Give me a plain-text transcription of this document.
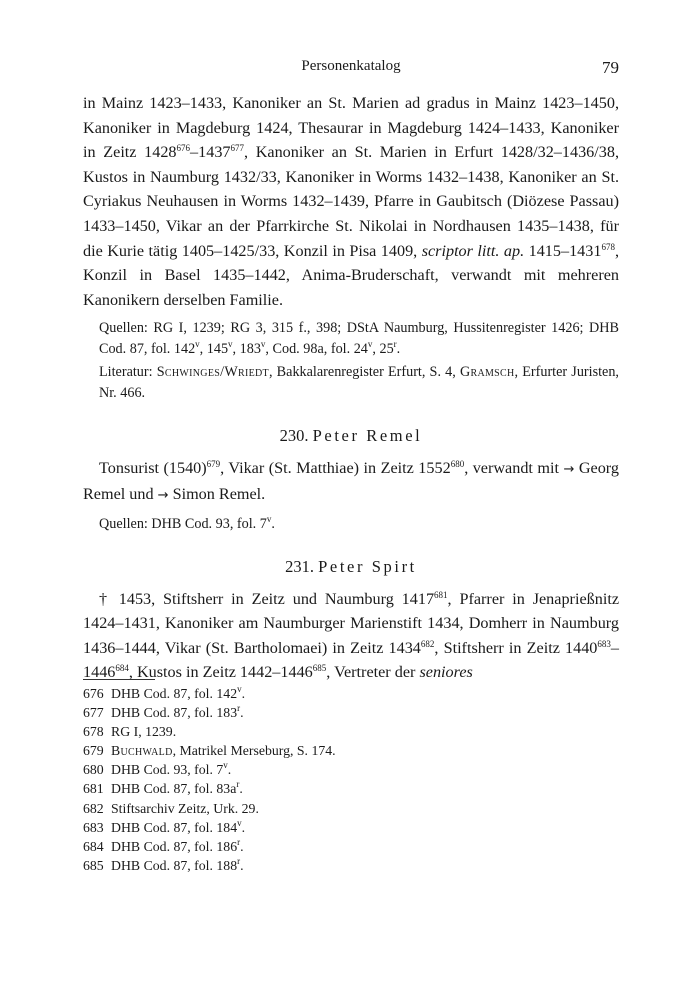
Personenkatalog	79

in Mainz 1423–1433, Kanoniker an St. Marien ad gradus in Mainz 1423–1450, Kanoniker in Magdeburg 1424, Thesaurar in Magdeburg 1424–1433, Kanoniker in Zeitz 1428$^{676}$–1437$^{677}$, Kanoniker an St. Marien in Erfurt 1428/32–1436/38, Kustos in Naumburg 1432/33, Kanoniker in Worms 1432–1438, Kanoniker an St. Cyriakus Neuhausen in Worms 1432–1439, Pfarre in Gaubitsch (Diözese Passau) 1433–1450, Vikar an der Pfarrkirche St. Nikolai in Nordhausen 1435–1438, für die Kurie tätig 1405–1425/33, Konzil in Pisa 1409, scriptor litt. ap. 1415–1431$^{678}$, Konzil in Basel 1435–1442, Anima-Bruderschaft, verwandt mit mehreren Kanonikern derselben Familie.

Quellen: RG I, 1239; RG 3, 315 f., 398; DStA Naumburg, Hussitenregister 1426; DHB Cod. 87, fol. 142$^v$, 145$^v$, 183$^v$, Cod. 98a, fol. 24$^v$, 25$^r$.

Literatur: Schwinges/Wriedt, Bakkalarenregister Erfurt, S. 4, Gramsch, Erfurter Juristen, Nr. 466.

230. Peter Remel

Tonsurist $(1540)^{679}$, Vikar (St. Matthiae) in Zeitz 1552$^{680}$, verwandt mit → Georg Remel und → Simon Remel.

Quellen: DHB Cod. 93, fol. 7$^v$.

231. Peter Spirt

† 1453, Stiftsherr in Zeitz und Naumburg 1417$^{681}$, Pfarrer in Jenaprießnitz 1424–1431, Kanoniker am Naumburger Marienstift 1434, Domherr in Naumburg 1436–1444, Vikar (St. Bartholomaei) in Zeitz 1434$^{682}$, Stiftsherr in Zeitz 1440$^{683}$–1446$^{684}$, Kustos in Zeitz 1442–1446$^{685}$, Vertreter der seniores

676 DHB Cod. 87, fol. 142$^v$.
677 DHB Cod. 87, fol. 183$^r$.
678 RG I, 1239.
679 Buchwald, Matrikel Merseburg, S. 174.
680 DHB Cod. 93, fol. 7$^v$.
681 DHB Cod. 87, fol. $83a^r$.
682 Stiftsarchiv Zeitz, Urk. 29.
683 DHB Cod. 87, fol. 184$^v$.
684 DHB Cod. 87, fol. 186$^r$.
685 DHB Cod. 87, fol. 188$^r$.
